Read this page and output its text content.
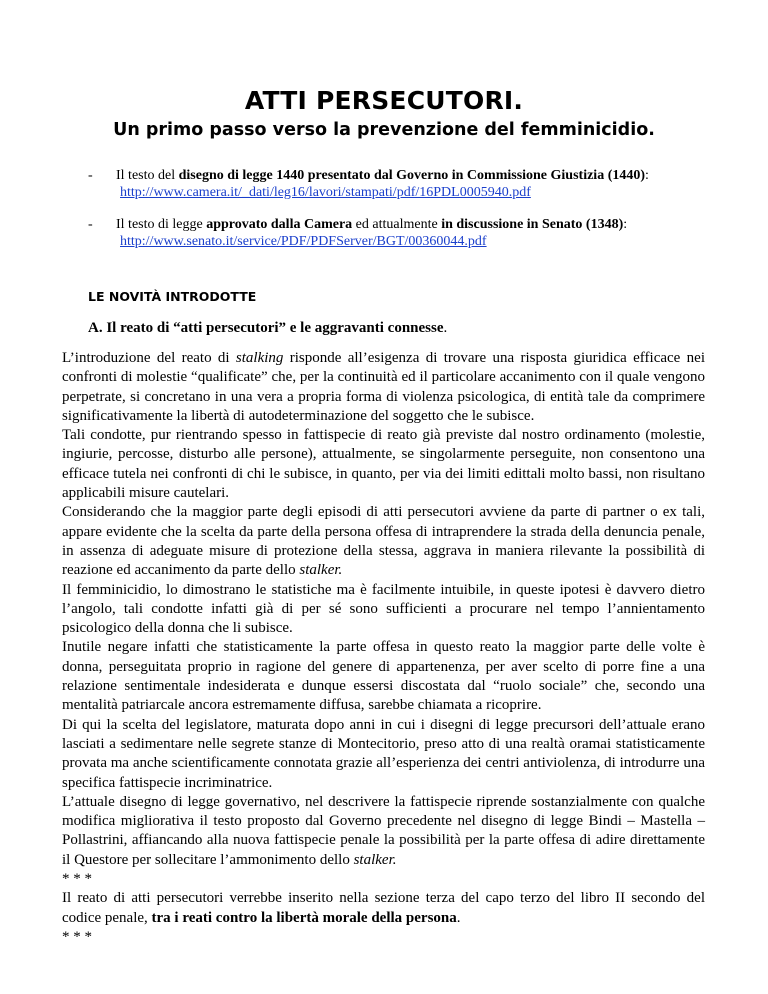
ATTI PERSECUTORI.
Un primo passo verso la prevenzione del femminicidio.
- Il testo del disegno di legge 1440 presentato dal Governo in Commissione Giustizia (1440):
http://www.camera.it/_dati/leg16/lavori/stampati/pdf/16PDL0005940.pdf
- Il testo di legge approvato dalla Camera ed attualmente in discussione in Senato (1348):
http://www.senato.it/service/PDF/PDFServer/BGT/00360044.pdf
LE NOVITÀ INTRODOTTE
A. Il reato di “atti persecutori” e le aggravanti connesse.

L’introduzione del reato di stalking risponde all’esigenza di trovare una risposta giuridica efficace nei confronti di molestie “qualificate” che, per la continuità ed il particolare accanimento con il quale vengono perpetrate, si concretano in una vera a propria forma di violenza psicologica, di entità tale da comprimere significativamente la libertà di autodeterminazione del soggetto che le subisce.

Tali condotte, pur rientrando spesso in fattispecie di reato già previste dal nostro ordinamento (molestie, ingiurie, percosse, disturbo alle persone), attualmente, se singolarmente perseguite, non consentono una efficace tutela nei confronti di chi le subisce, in quanto, per via dei limiti edittali molto bassi, non risultano applicabili misure cautelari.

Considerando che la maggior parte degli episodi di atti persecutori avviene da parte di partner o ex tali, appare evidente che la scelta da parte della persona offesa di intraprendere la strada della denuncia penale, in assenza di adeguate misure di protezione della stessa, aggrava in maniera rilevante la possibilità di reazione ed accanimento da parte dello stalker.

Il femminicidio, lo dimostrano le statistiche ma è facilmente intuibile, in queste ipotesi è davvero dietro l’angolo, tali condotte infatti già di per sé sono sufficienti a procurare nel tempo l’annientamento psicologico della donna che li subisce.

Inutile negare infatti che statisticamente la parte offesa in questo reato la maggior parte delle volte è donna, perseguitata proprio in ragione del genere di appartenenza, per aver scelto di porre fine a una relazione sentimentale indesiderata e dunque essersi discostata dal “ruolo sociale” che, secondo una mentalità patriarcale ancora estremamente diffusa, sarebbe chiamata a ricoprire.

Di qui la scelta del legislatore, maturata dopo anni in cui i disegni di legge precursori dell’attuale erano lasciati a sedimentare nelle segrete stanze di Montecitorio, preso atto di una realtà oramai statisticamente provata ma anche scientificamente connotata grazie all’esperienza dei centri antiviolenza, di introdurre una specifica fattispecie incriminatrice.

L’attuale disegno di legge governativo, nel descrivere la fattispecie riprende sostanzialmente con qualche modifica migliorativa il testo proposto dal Governo precedente nel disegno di legge Bindi – Mastella – Pollastrini, affiancando alla nuova fattispecie penale la possibilità per la parte offesa di adire direttamente il Questore per sollecitare l’ammonimento dello stalker.

* * *

Il reato di atti persecutori verrebbe inserito nella sezione terza del capo terzo del libro II secondo del codice penale, tra i reati contro la libertà morale della persona.

* * *
